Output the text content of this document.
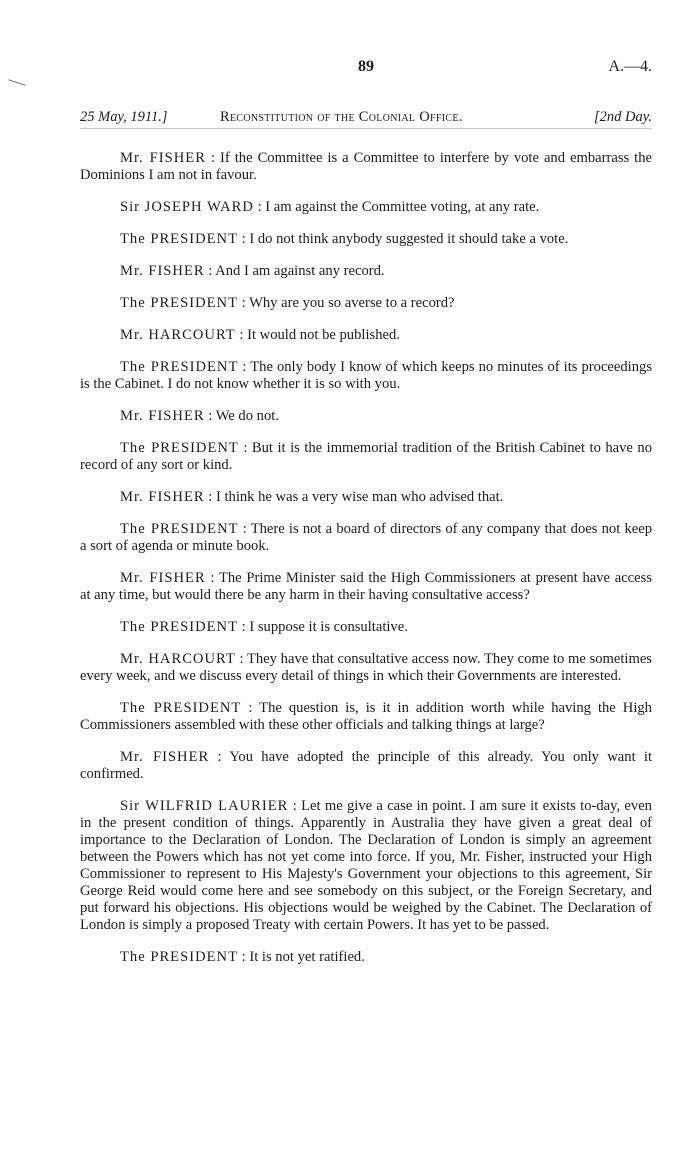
89	A.—4.
25 May, 1911.]	Reconstitution of the Colonial Office.	[2nd Day.

Mr. FISHER : If the Committee is a Committee to interfere by vote and embarrass the Dominions I am not in favour.

Sir JOSEPH WARD : I am against the Committee voting, at any rate.

The PRESIDENT : I do not think anybody suggested it should take a vote.

Mr. FISHER : And I am against any record.

The PRESIDENT : Why are you so averse to a record?

Mr. HARCOURT : It would not be published.

The PRESIDENT : The only body I know of which keeps no minutes of its proceedings is the Cabinet. I do not know whether it is so with you.

Mr. FISHER : We do not.

The PRESIDENT : But it is the immemorial tradition of the British Cabinet to have no record of any sort or kind.

Mr. FISHER : I think he was a very wise man who advised that.

The PRESIDENT : There is not a board of directors of any company that does not keep a sort of agenda or minute book.

Mr. FISHER : The Prime Minister said the High Commissioners at present have access at any time, but would there be any harm in their having consultative access?

The PRESIDENT : I suppose it is consultative.

Mr. HARCOURT : They have that consultative access now. They come to me sometimes every week, and we discuss every detail of things in which their Governments are interested.

The PRESIDENT : The question is, is it in addition worth while having the High Commissioners assembled with these other officials and talking things at large?

Mr. FISHER : You have adopted the principle of this already. You only want it confirmed.

Sir WILFRID LAURIER : Let me give a case in point. I am sure it exists to-day, even in the present condition of things. Apparently in Australia they have given a great deal of importance to the Declaration of London. The Declaration of London is simply an agreement between the Powers which has not yet come into force. If you, Mr. Fisher, instructed your High Commissioner to represent to His Majesty's Government your objections to this agreement, Sir George Reid would come here and see somebody on this subject, or the Foreign Secretary, and put forward his objections. His objections would be weighed by the Cabinet. The Declaration of London is simply a proposed Treaty with certain Powers. It has yet to be passed.

The PRESIDENT : It is not yet ratified.
